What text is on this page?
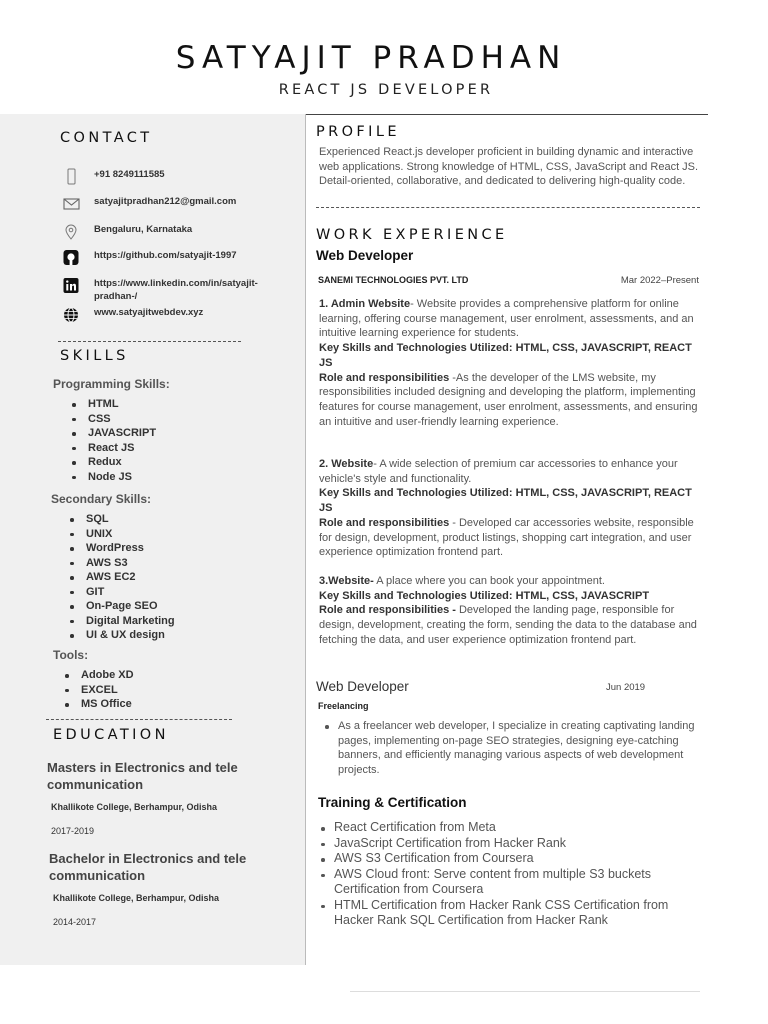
SATYAJIT PRADHAN
REACT JS DEVELOPER
CONTACT
+91 8249111585
satyajitpradhan212@gmail.com
Bengaluru, Karnataka
https://github.com/satyajit-1997
https://www.linkedin.com/in/satyajit-pradhan-/
www.satyajitwebdev.xyz
SKILLS
Programming Skills:
HTML
CSS
JAVASCRIPT
React JS
Redux
Node JS
Secondary Skills:
SQL
UNIX
WordPress
AWS S3
AWS EC2
GIT
On-Page SEO
Digital Marketing
UI & UX design
Tools:
Adobe XD
EXCEL
MS Office
EDUCATION
Masters in Electronics and tele communication
Khallikote College, Berhampur, Odisha
2017-2019
Bachelor in Electronics and tele communication
Khallikote College, Berhampur, Odisha
2014-2017
PROFILE
Experienced React.js developer proficient in building dynamic and interactive web applications. Strong knowledge of HTML, CSS, JavaScript and React JS. Detail-oriented, collaborative, and dedicated to delivering high-quality code.
WORK EXPERIENCE
Web Developer
SANEMI TECHNOLOGIES PVT. LTD	Mar 2022–Present
1. Admin Website- Website provides a comprehensive platform for online learning, offering course management, user enrolment, assessments, and an intuitive learning experience for students.
Key Skills and Technologies Utilized: HTML, CSS, JAVASCRIPT, REACT JS
Role and responsibilities -As the developer of the LMS website, my responsibilities included designing and developing the platform, implementing features for course management, user enrolment, assessments, and ensuring an intuitive and user-friendly learning experience.
2. Website- A wide selection of premium car accessories to enhance your vehicle's style and functionality.
Key Skills and Technologies Utilized: HTML, CSS, JAVASCRIPT, REACT JS
Role and responsibilities - Developed car accessories website, responsible for design, development, product listings, shopping cart integration, and user experience optimization frontend part.
3.Website- A place where you can book your appointment.
Key Skills and Technologies Utilized: HTML, CSS, JAVASCRIPT
Role and responsibilities - Developed the landing page, responsible for design, development, creating the form, sending the data to the database and fetching the data, and user experience optimization frontend part.
Web Developer	Jun 2019
Freelancing
As a freelancer web developer, I specialize in creating captivating landing pages, implementing on-page SEO strategies, designing eye-catching banners, and efficiently managing various aspects of web development projects.
Training & Certification
React Certification from Meta
JavaScript Certification from Hacker Rank
AWS S3 Certification from Coursera
AWS Cloud front: Serve content from multiple S3 buckets Certification from Coursera
HTML Certification from Hacker Rank CSS Certification from Hacker Rank SQL Certification from Hacker Rank
